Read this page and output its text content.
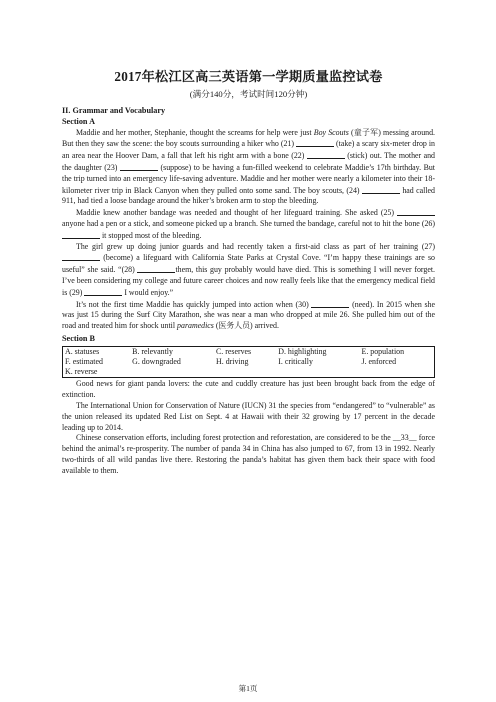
2017年松江区高三英语第一学期质量监控试卷

(满分140分，考试时间120分钟)

II. Grammar and Vocabulary

Section A

Maddie and her mother, Stephanie, thought the screams for help were just Boy Scouts (童子军) messing around. But then they saw the scene: the boy scouts surrounding a hiker who (21)	(take) a scary six-meter drop in an area near the Hoover Dam, a fall that left his right arm with a bone (22)	(stick) out. The mother and the daughter (23)	(suppose) to be having a fun-filled weekend to celebrate Maddie’s 17th birthday. But the trip turned into an emergency life-saving adventure. Maddie and her mother were nearly a kilometer into their 18-kilometer river trip in Black Canyon when they pulled onto some sand. The boy scouts, (24)	had called 911, had tied a loose bandage around the hiker’s broken arm to stop the bleeding.

Maddie knew another bandage was needed and thought of her lifeguard training. She asked (25)  anyone had a pen or a stick, and someone picked up a branch. She turned the bandage, careful not to hit the bone (26)  it stopped most of the bleeding.

The girl grew up doing junior guards and had recently taken a first-aid class as part of her training (27)  (become) a lifeguard with California State Parks at Crystal Cove. “I’m happy these trainings are so useful” she said. “(28)	them, this guy probably would have died. This is something I will never forget. I’ve been considering my college and future career choices and now really feels like that the emergency medical field is (29)	I would enjoy.”

It’s not the first time Maddie has quickly jumped into action when (30)	(need). In 2015 when she was just 15 during the Surf City Marathon, she was near a man who dropped at mile 26. She pulled him out of the road and treated him for shock until paramedics (医务人员) arrived.

Section B

A. statuses	B. relevantly	C. reserves	D. highlighting	E. population
F. estimated	G. downgraded	H. driving	I. critically	J. enforced
K. reverse				

Good news for giant panda lovers: the cute and cuddly creature has just been brought back from the edge of extinction.

The International Union for Conservation of Nature (IUCN) 31 the species from “endangered” to “vulnerable” as the union released its updated Red List on Sept. 4 at Hawaii with their 32 growing by 17 percent in the decade leading up to 2014.

Chinese conservation efforts, including forest protection and reforestation, are considered to be the __33__ force behind the animal’s re-prosperity. The number of panda 34 in China has also jumped to 67, from 13 in 1992. Nearly two-thirds of all wild pandas live there. Restoring the panda’s habitat has given them back their space with food available to them.

第1页
